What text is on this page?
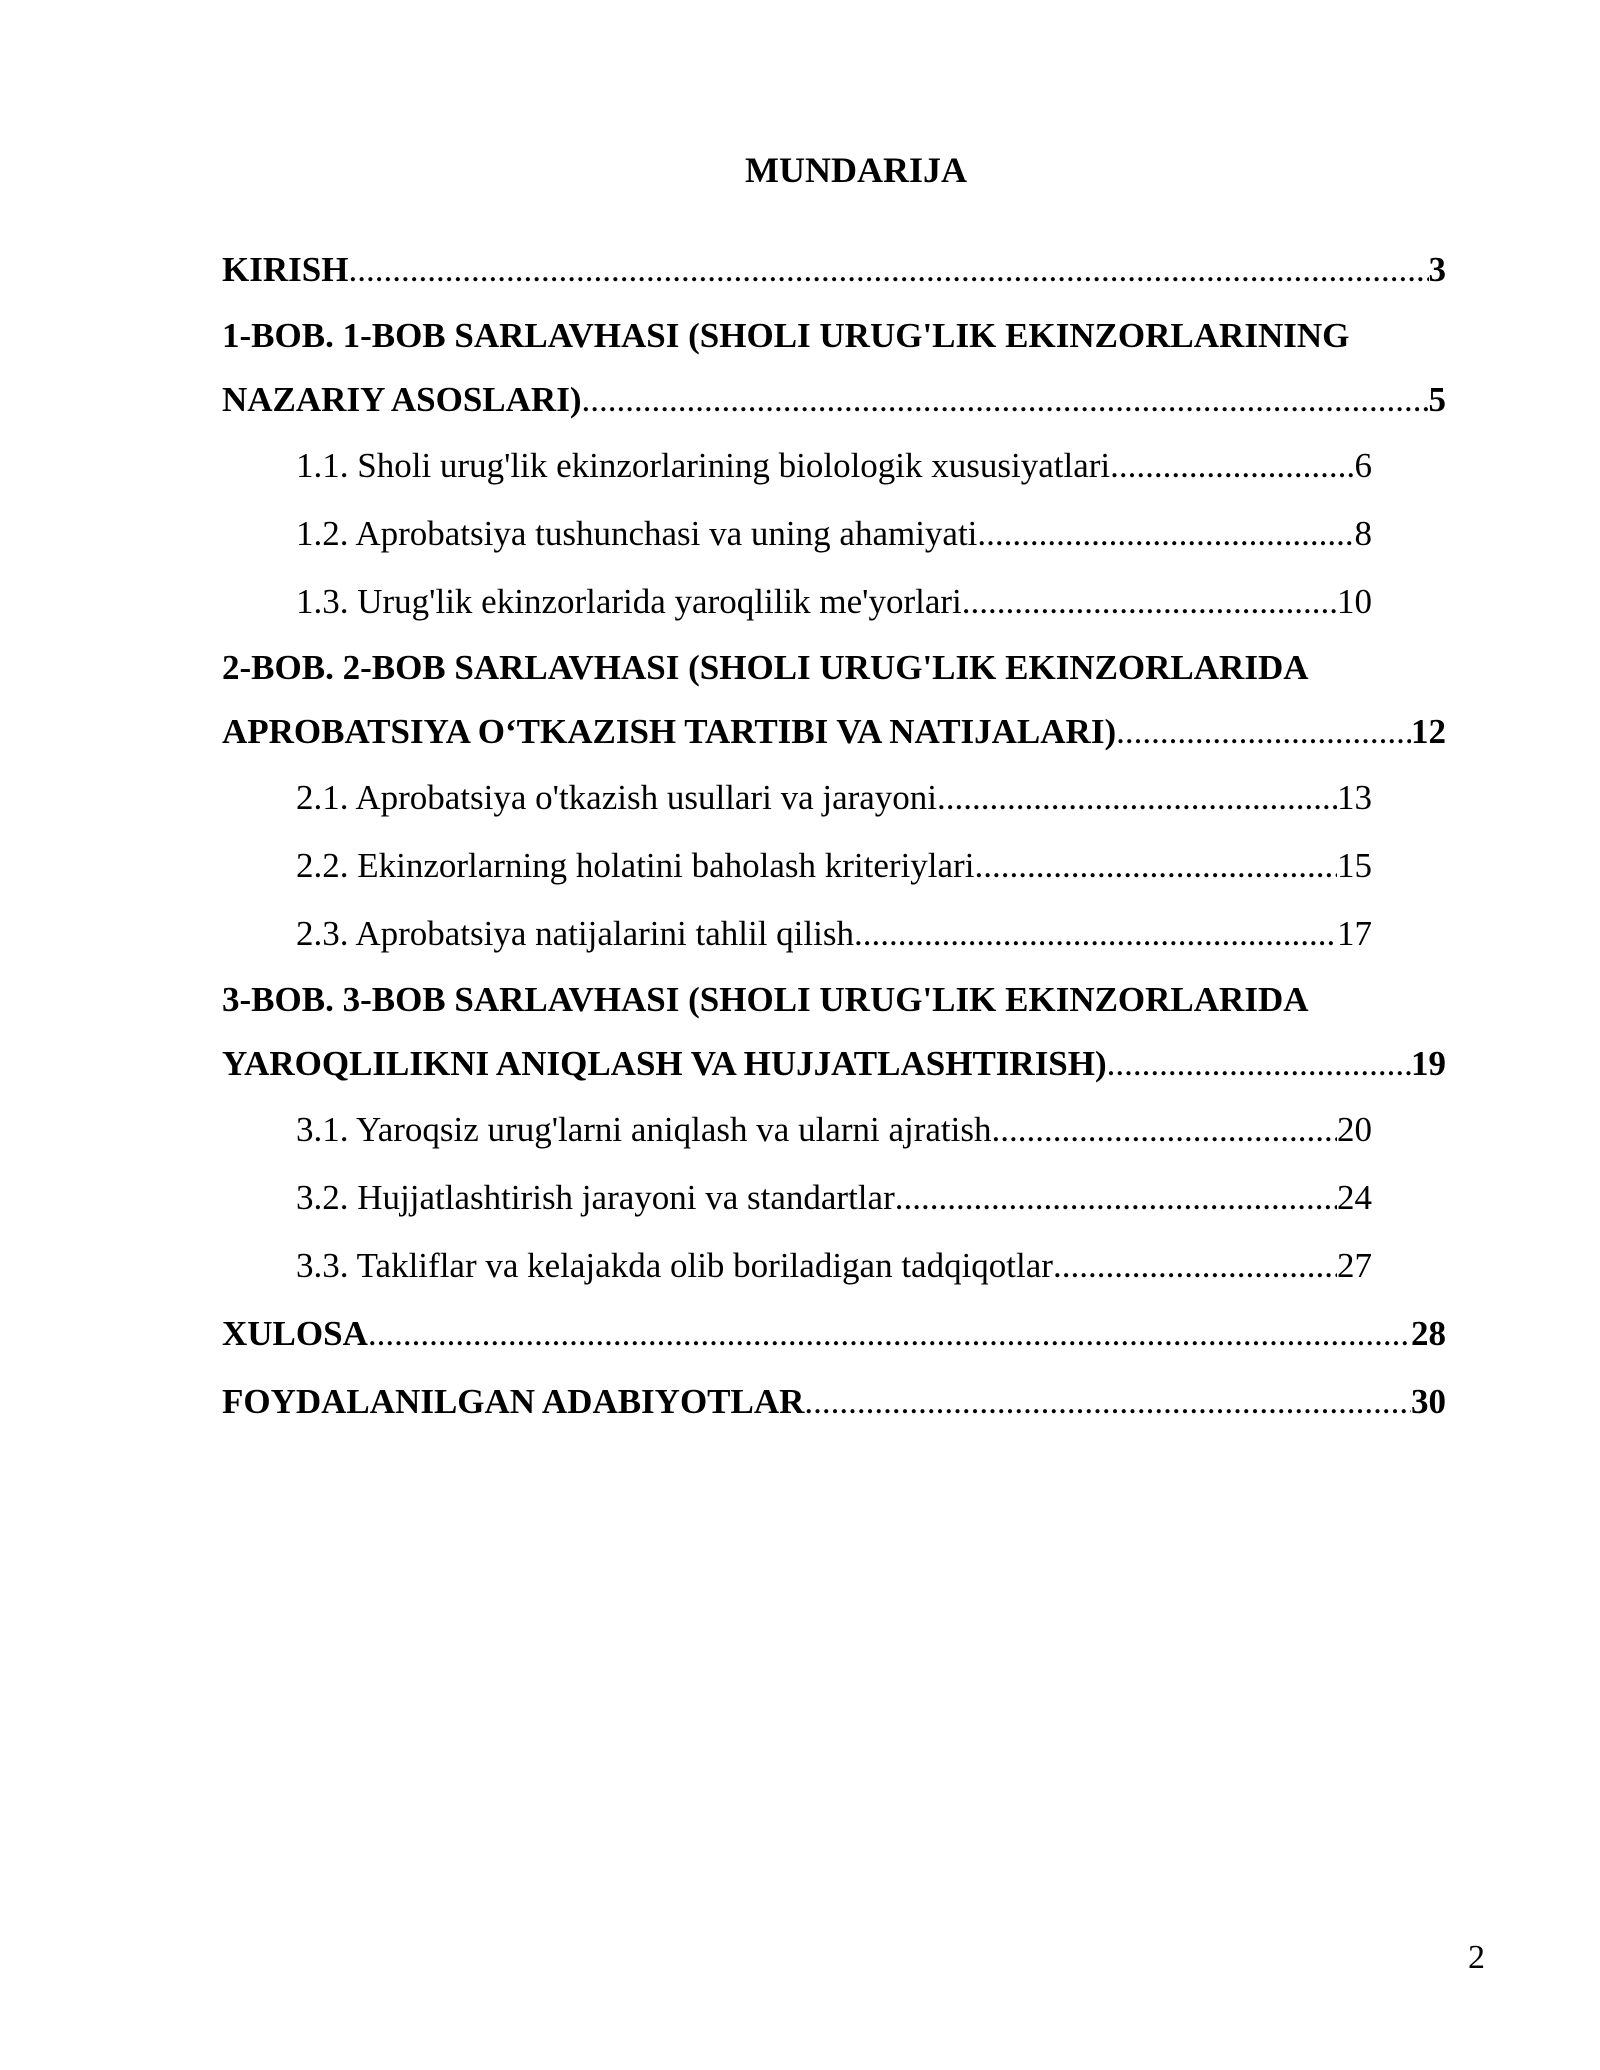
MUNDARIJA
KIRISH .....	3
1-BOB. 1-BOB SARLAVHASI (SHOLI URUG'LIK EKINZORLARINING
NAZARIY ASOSLARI) .....	5
1.1. Sholi urug'lik ekinzorlarining biolologik xususiyatlari .....	6
1.2. Aprobatsiya tushunchasi va uning ahamiyati .....	8
1.3. Urug'lik ekinzorlarida yaroqlilik me'yorlari .....	10
2-BOB. 2-BOB SARLAVHASI (SHOLI URUG'LIK EKINZORLARIDA
APROBATSIYA O‘TKAZISH TARTIBI VA NATIJALARI) .....	12
2.1. Aprobatsiya o'tkazish usullari va jarayoni .....	13
2.2. Ekinzorlarning holatini baholash kriteriylari .....	15
2.3. Aprobatsiya natijalarini tahlil qilish .....	17
3-BOB. 3-BOB SARLAVHASI (SHOLI URUG'LIK EKINZORLARIDA
YAROQLILIKNI ANIQLASH VA HUJJATLASHTIRISH) .....	19
3.1. Yaroqsiz urug'larni aniqlash va ularni ajratish .....	20
3.2. Hujjatlashtirish jarayoni va standartlar .....	24
3.3. Takliflar va kelajakda olib boriladigan tadqiqotlar .....	27
XULOSA .....	28
FOYDALANILGAN ADABIYOTLAR .....	30
2
